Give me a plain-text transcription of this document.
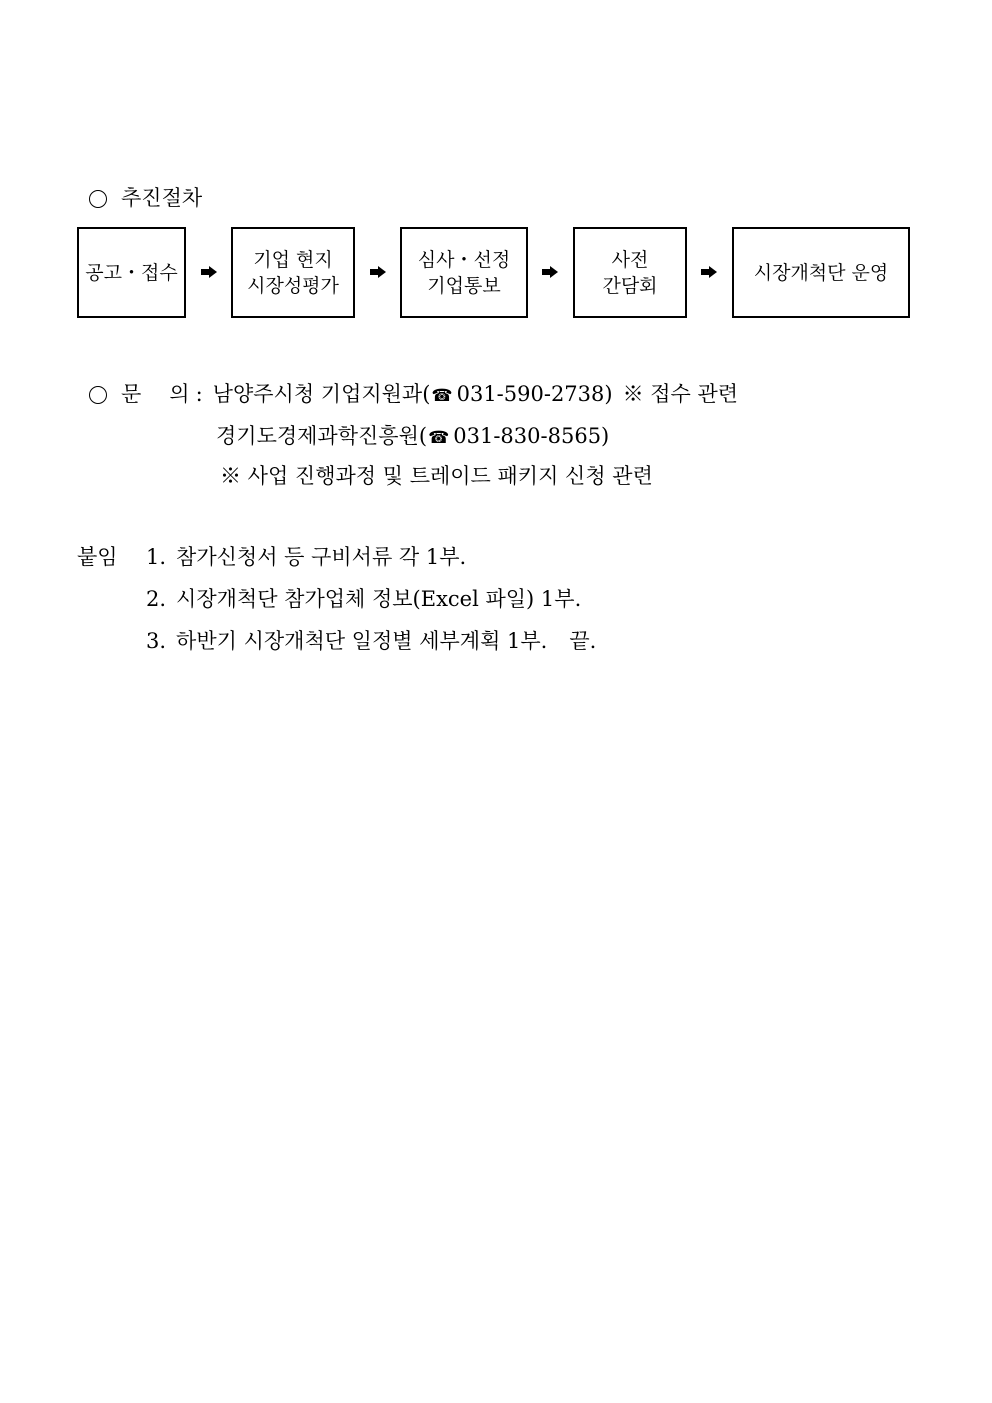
추진절차
공고・접수
기업 현지
시장성평가
심사・선정
기업통보
사전
간담회
시장개척단 운영
문 의 : 남양주시청 기업지원과(☎ 031-590-2738) ※ 접수 관련
경기도경제과학진흥원(☎ 031-830-8565)
※ 사업 진행과정 및 트레이드 패키지 신청 관련
붙임 1. 참가신청서 등 구비서류 각 1부.
2. 시장개척단 참가업체 정보(Excel 파일) 1부.
3. 하반기 시장개척단 일정별 세부계획 1부. 끝.
